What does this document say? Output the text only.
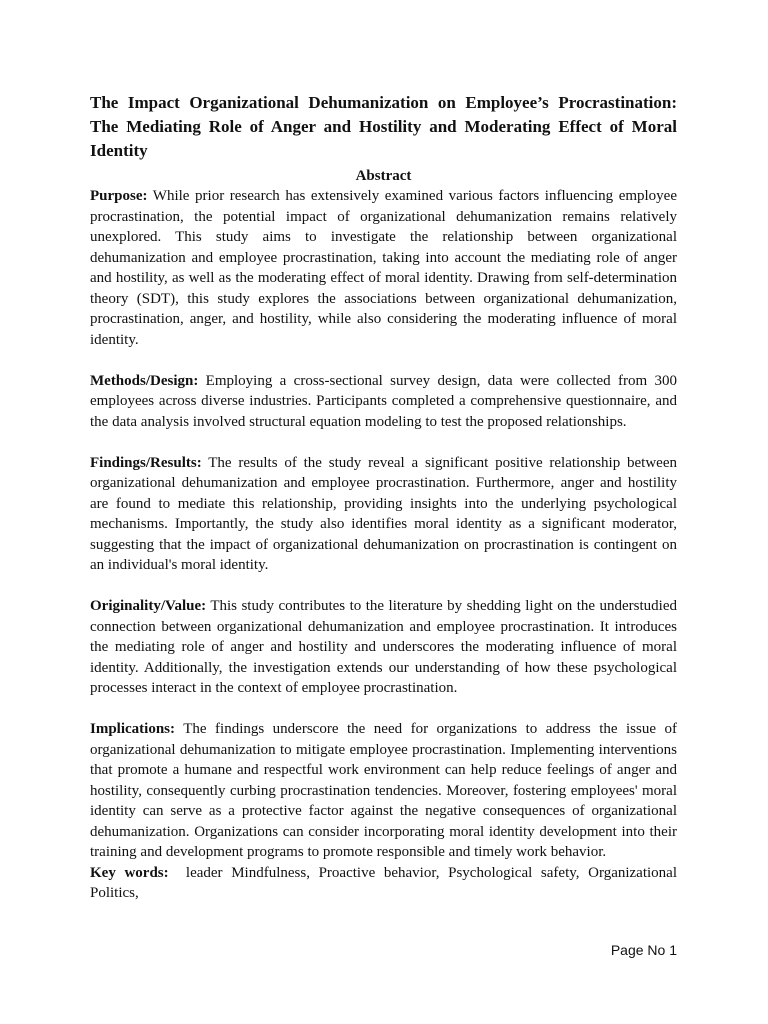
The Impact Organizational Dehumanization on Employee’s Procrastination: The Mediating Role of Anger and Hostility and Moderating Effect of Moral Identity
Abstract

Purpose: While prior research has extensively examined various factors influencing employee procrastination, the potential impact of organizational dehumanization remains relatively unexplored. This study aims to investigate the relationship between organizational dehumanization and employee procrastination, taking into account the mediating role of anger and hostility, as well as the moderating effect of moral identity. Drawing from self-determination theory (SDT), this study explores the associations between organizational dehumanization, procrastination, anger, and hostility, while also considering the moderating influence of moral identity.

Methods/Design: Employing a cross-sectional survey design, data were collected from 300 employees across diverse industries. Participants completed a comprehensive questionnaire, and the data analysis involved structural equation modeling to test the proposed relationships.

Findings/Results: The results of the study reveal a significant positive relationship between organizational dehumanization and employee procrastination. Furthermore, anger and hostility are found to mediate this relationship, providing insights into the underlying psychological mechanisms. Importantly, the study also identifies moral identity as a significant moderator, suggesting that the impact of organizational dehumanization on procrastination is contingent on an individual's moral identity.

Originality/Value: This study contributes to the literature by shedding light on the understudied connection between organizational dehumanization and employee procrastination. It introduces the mediating role of anger and hostility and underscores the moderating influence of moral identity. Additionally, the investigation extends our understanding of how these psychological processes interact in the context of employee procrastination.

Implications: The findings underscore the need for organizations to address the issue of organizational dehumanization to mitigate employee procrastination. Implementing interventions that promote a humane and respectful work environment can help reduce feelings of anger and hostility, consequently curbing procrastination tendencies. Moreover, fostering employees' moral identity can serve as a protective factor against the negative consequences of organizational dehumanization. Organizations can consider incorporating moral identity development into their training and development programs to promote responsible and timely work behavior.

Key words:  leader Mindfulness, Proactive behavior, Psychological safety, Organizational Politics,

Page No 1
